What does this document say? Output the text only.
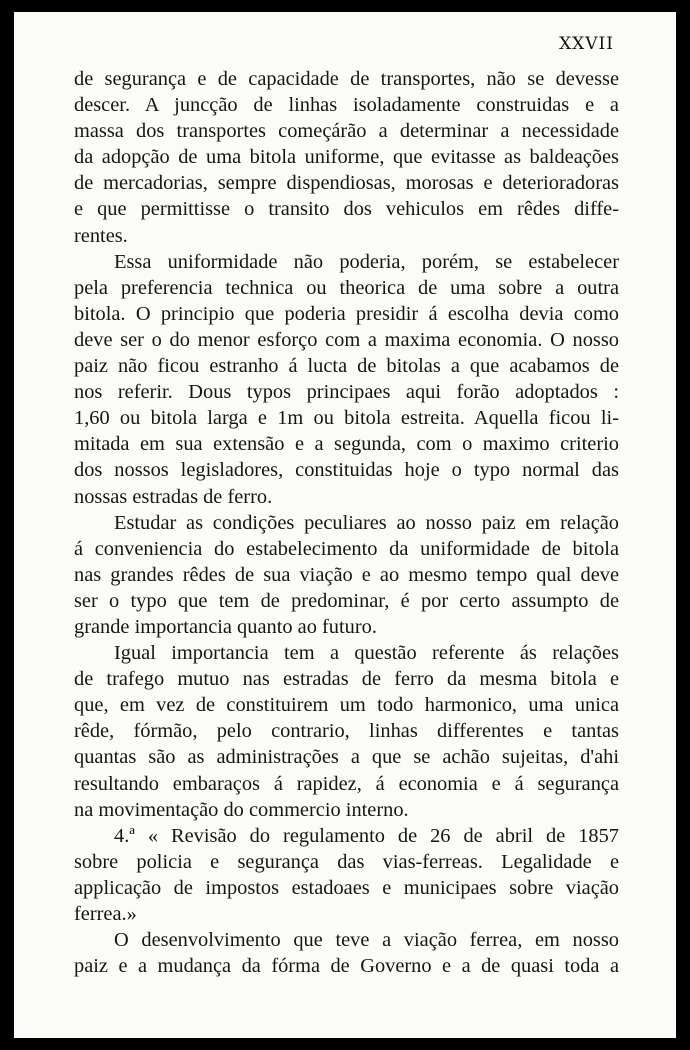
XXVII
de segurança e de capacidade de transportes, não se devesse
descer. A juncção de linhas isoladamente construidas e a
massa dos transportes começárão a determinar a necessidade
da adopção de uma bitola uniforme, que evitasse as baldeações
de mercadorias, sempre dispendiosas, morosas e deterioradoras
e que permittisse o transito dos vehiculos em rêdes diffe-
rentes.
Essa uniformidade não poderia, porém, se estabelecer
pela preferencia technica ou theorica de uma sobre a outra
bitola. O principio que poderia presidir á escolha devia como
deve ser o do menor esforço com a maxima economia. O nosso
paiz não ficou estranho á lucta de bitolas a que acabamos de
nos referir. Dous typos principaes aqui forão adoptados :
1,60 ou bitola larga e 1m ou bitola estreita. Aquella ficou li-
mitada em sua extensão e a segunda, com o maximo criterio
dos nossos legisladores, constituidas hoje o typo normal das
nossas estradas de ferro.
Estudar as condições peculiares ao nosso paiz em relação
á conveniencia do estabelecimento da uniformidade de bitola
nas grandes rêdes de sua viação e ao mesmo tempo qual deve
ser o typo que tem de predominar, é por certo assumpto de
grande importancia quanto ao futuro.
Igual importancia tem a questão referente ás relações
de trafego mutuo nas estradas de ferro da mesma bitola e
que, em vez de constituirem um todo harmonico, uma unica
rêde, fórmão, pelo contrario, linhas differentes e tantas
quantas são as administrações a que se achão sujeitas, d'ahi
resultando embaraços á rapidez, á economia e á segurança
na movimentação do commercio interno.
4.ª « Revisão do regulamento de 26 de abril de 1857
sobre policia e segurança das vias-ferreas. Legalidade e
applicação de impostos estadoaes e municipaes sobre viação
ferrea.»
O desenvolvimento que teve a viação ferrea, em nosso
paiz e a mudança da fórma de Governo e a de quasi toda a
